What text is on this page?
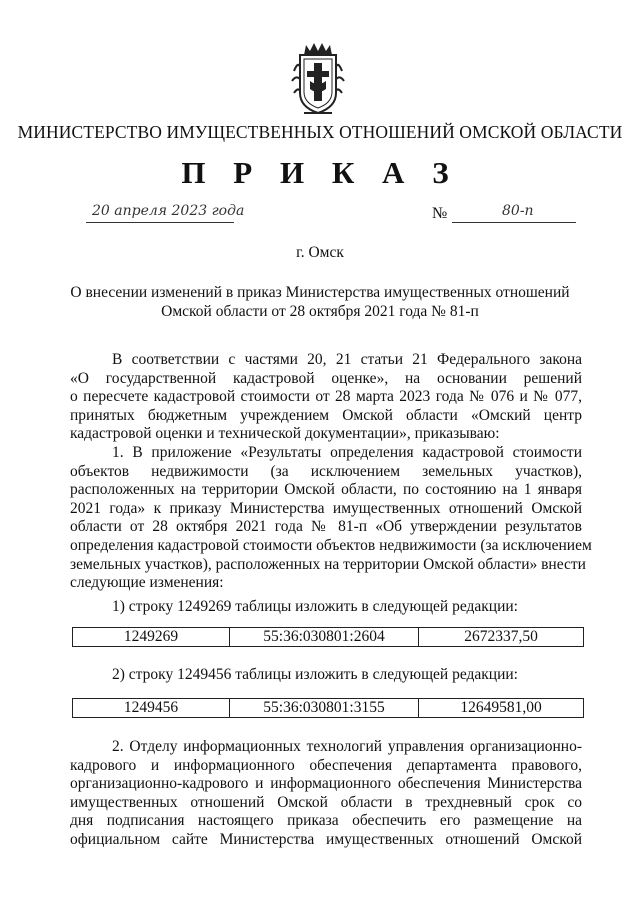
МИНИСТЕРСТВО ИМУЩЕСТВЕННЫХ ОТНОШЕНИЙ ОМСКОЙ ОБЛАСТИ
П Р И К А З
20 апреля 2023 года	№	80-п
г. Омск
О внесении изменений в приказ Министерства имущественных отношений
Омской области от 28 октября 2021 года № 81-п
В соответствии с частями 20, 21 статьи 21 Федерального закона
«О государственной кадастровой оценке», на основании решений
о пересчете кадастровой стоимости от 28 марта 2023 года № 076 и № 077,
принятых бюджетным учреждением Омской области «Омский центр
кадастровой оценки и технической документации», приказываю:
1. В приложение «Результаты определения кадастровой стоимости
объектов недвижимости (за исключением земельных участков),
расположенных на территории Омской области, по состоянию на 1 января
2021 года» к приказу Министерства имущественных отношений Омской
области от 28 октября 2021 года № 81-п «Об утверждении результатов
определения кадастровой стоимости объектов недвижимости (за исключением
земельных участков), расположенных на территории Омской области» внести
следующие изменения:
1) строку 1249269 таблицы изложить в следующей редакции:
1249269	55:36:030801:2604	2672337,50
2) строку 1249456 таблицы изложить в следующей редакции:
1249456	55:36:030801:3155	12649581,00
2. Отделу информационных технологий управления организационно-
кадрового и информационного обеспечения департамента правового,
организационно-кадрового и информационного обеспечения Министерства
имущественных отношений Омской области в трехдневный срок со
дня подписания настоящего приказа обеспечить его размещение на
официальном сайте Министерства имущественных отношений Омской
